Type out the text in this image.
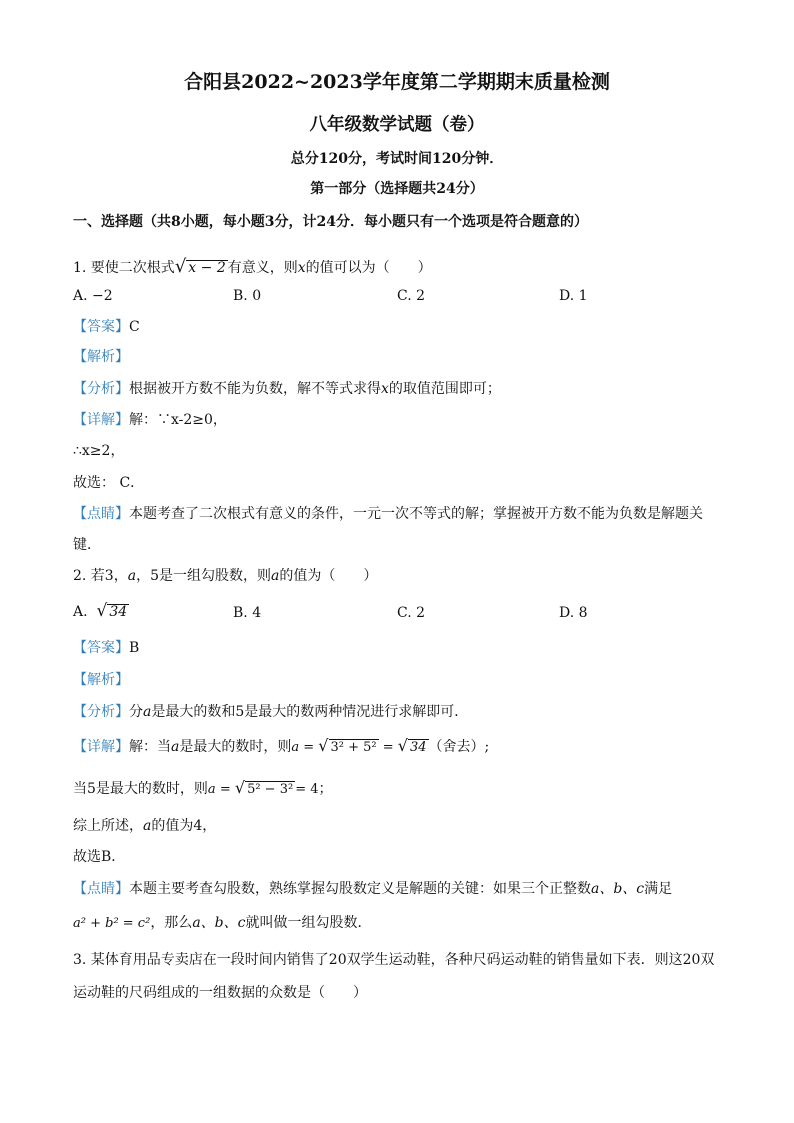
合阳县2022~2023学年度第二学期期末质量检测
八年级数学试题（卷）
总分120分，考试时间120分钟．
第一部分（选择题共24分）
一、选择题（共8小题，每小题3分，计24分．每小题只有一个选项是符合题意的）
1. 要使二次根式√ x − 2 有意义，则x的值可以为（　　）
A. −2	B. 0	C. 2	D. 1
【答案】C
【解析】
【分析】根据被开方数不能为负数，解不等式求得x的取值范围即可；
【详解】解：∵x-2≥0，
∴x≥2，
故选： C．
【点睛】本题考查了二次根式有意义的条件，一元一次不等式的解；掌握被开方数不能为负数是解题关
键．
2. 若3，a，5是一组勾股数，则a的值为（　　）
A. √ 34	B. 4	C. 2	D. 8
【答案】B
【解析】
【分析】分a是最大的数和5是最大的数两种情况进行求解即可．
【详解】解：当a是最大的数时，则a = √ 3² + 5² = √ 34 （舍去）;
当5是最大的数时，则a = √ 5² − 3² = 4；
综上所述，a的值为4，
故选B．
【点睛】本题主要考查勾股数，熟练掌握勾股数定义是解题的关键：如果三个正整数a、b、c满足
a² + b² = c²，那么a、b、c就叫做一组勾股数．
3. 某体育用品专卖店在一段时间内销售了20双学生运动鞋，各种尺码运动鞋的销售量如下表．则这20双
运动鞋的尺码组成的一组数据的众数是（　　）
